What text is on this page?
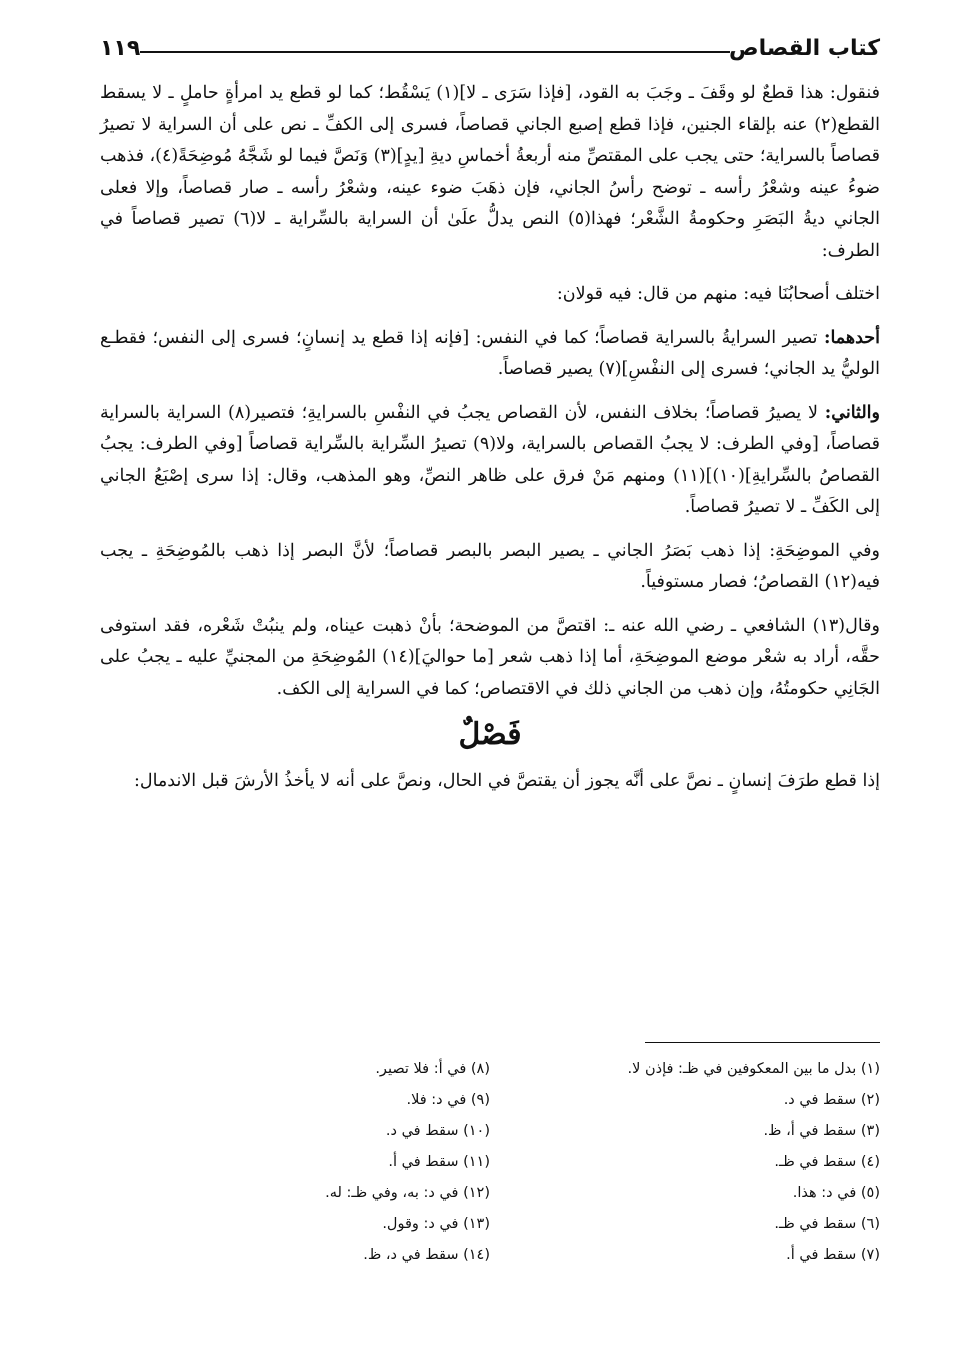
كتاب القصاص
١١٩

فنقول: هذا قطعٌ لو وقَفَ ـ وجَبَ به القود، [فإذا سَرَى ـ لا](١) يَسْقُط؛ كما لو قطع يد امرأةٍ حاملٍ ـ لا يسقط القطع(٢) عنه بإلقاء الجنين، فإذا قطع إصبع الجاني قصاصاً، فسرى إلى الكفِّ ـ نص على أن السراية لا تصيرُ قصاصاً بالسراية؛ حتى يجب على المقتصِّ منه أربعةُ أخماسِ ديةِ [يدٍ](٣) وَنَصَّ فيما لو شَجَّهُ مُوضِحَةً(٤)، فذهب ضوءُ عينه وشعْرُ رأسه ـ توضح رأسُ الجاني، فإن ذهَبَ ضوء عينه، وشعْرُ رأسه ـ صار قصاصاً، وإلا فعلى الجاني ديةُ البَصَرِ وحكومةُ الشَّعْر؛ فهذا(٥) النص يدلُّ علَىٰ أن السراية بالسِّراية ـ لا(٦) تصير قصاصاً في الطرف:

اختلف أصحابُنَا فيه: منهم من قال: فيه قولان:

أحدهما: تصير السرايةُ بالسراية قصاصاً؛ كما في النفس: [فإنه إذا قطع يد إنسانٍ؛ فسرى إلى النفس؛ فقطـع الوليُّ يد الجاني؛ فسرى إلى النفْسِ](٧) يصير قصاصاً.

والثاني: لا يصيرُ قصاصاً؛ بخلاف النفس، لأن القصاص يجبُ في النفْسِ بالسرايةِ؛ فتصير(٨) السراية بالسراية قصاصاً، [وفي الطرف: لا يجبُ القصاص بالسراية، ولا(٩) تصيرُ السِّراية بالسِّراية قصاصاً [وفي الطرف: يجبُ القصاصُ بالسِّرايةِ](١٠)](١١) ومنهم مَنْ فرق على ظاهر النصِّ، وهو المذهب، وقال: إذا سرى إصْبَعُ الجاني إلى الكَفِّ ـ لا تصيرُ قصاصاً.

وفي الموضِحَةِ: إذا ذهب بَصَرُ الجاني ـ يصير البصر بالبصر قصاصاً؛ لأنَّ البصر إذا ذهب بالمُوضِحَةِ ـ يجب فيه(١٢) القصاصُ؛ فصار مستوفياً.

وقال(١٣) الشافعي ـ رضي الله عنه ـ: اقتصَّ من الموضحة؛ بأنْ ذهبت عيناه، ولم ينبُتْ شَعْره، فقد استوفى حقَّه، أراد به شعْر موضع الموضِحَةِ، أما إذا ذهب شعر [ما حواليَ](١٤) المُوضِحَةِ من المجنيِّ عليه ـ يجبُ على الجَانِي حكومتُهُ، وإن ذهب من الجاني ذلك في الاقتصاص؛ كما في السراية إلى الكف.

فَصْلٌ

إذا قطع طرَفَ إنسانٍ ـ نصَّ على أنَّه يجوز أن يقتصَّ في الحال، ونصَّ على أنه لا يأخذُ الأرشَ قبل الاندمال:

(١) بدل ما بين المعكوفين في ظـ: فإذن لا.

(٢) سقط في د.

(٣) سقط في أ، ظ.

(٤) سقط في ظـ.

(٥) في د: هذا.

(٦) سقط في ظـ.

(٧) سقط في أ.

(٨) في أ: فلا تصير.

(٩) في د: فلا.

(١٠) سقط في د.

(١١) سقط في أ.

(١٢) في د: به، وفي ظـ: له.

(١٣) في د: وقول.

(١٤) سقط في د، ظ.
